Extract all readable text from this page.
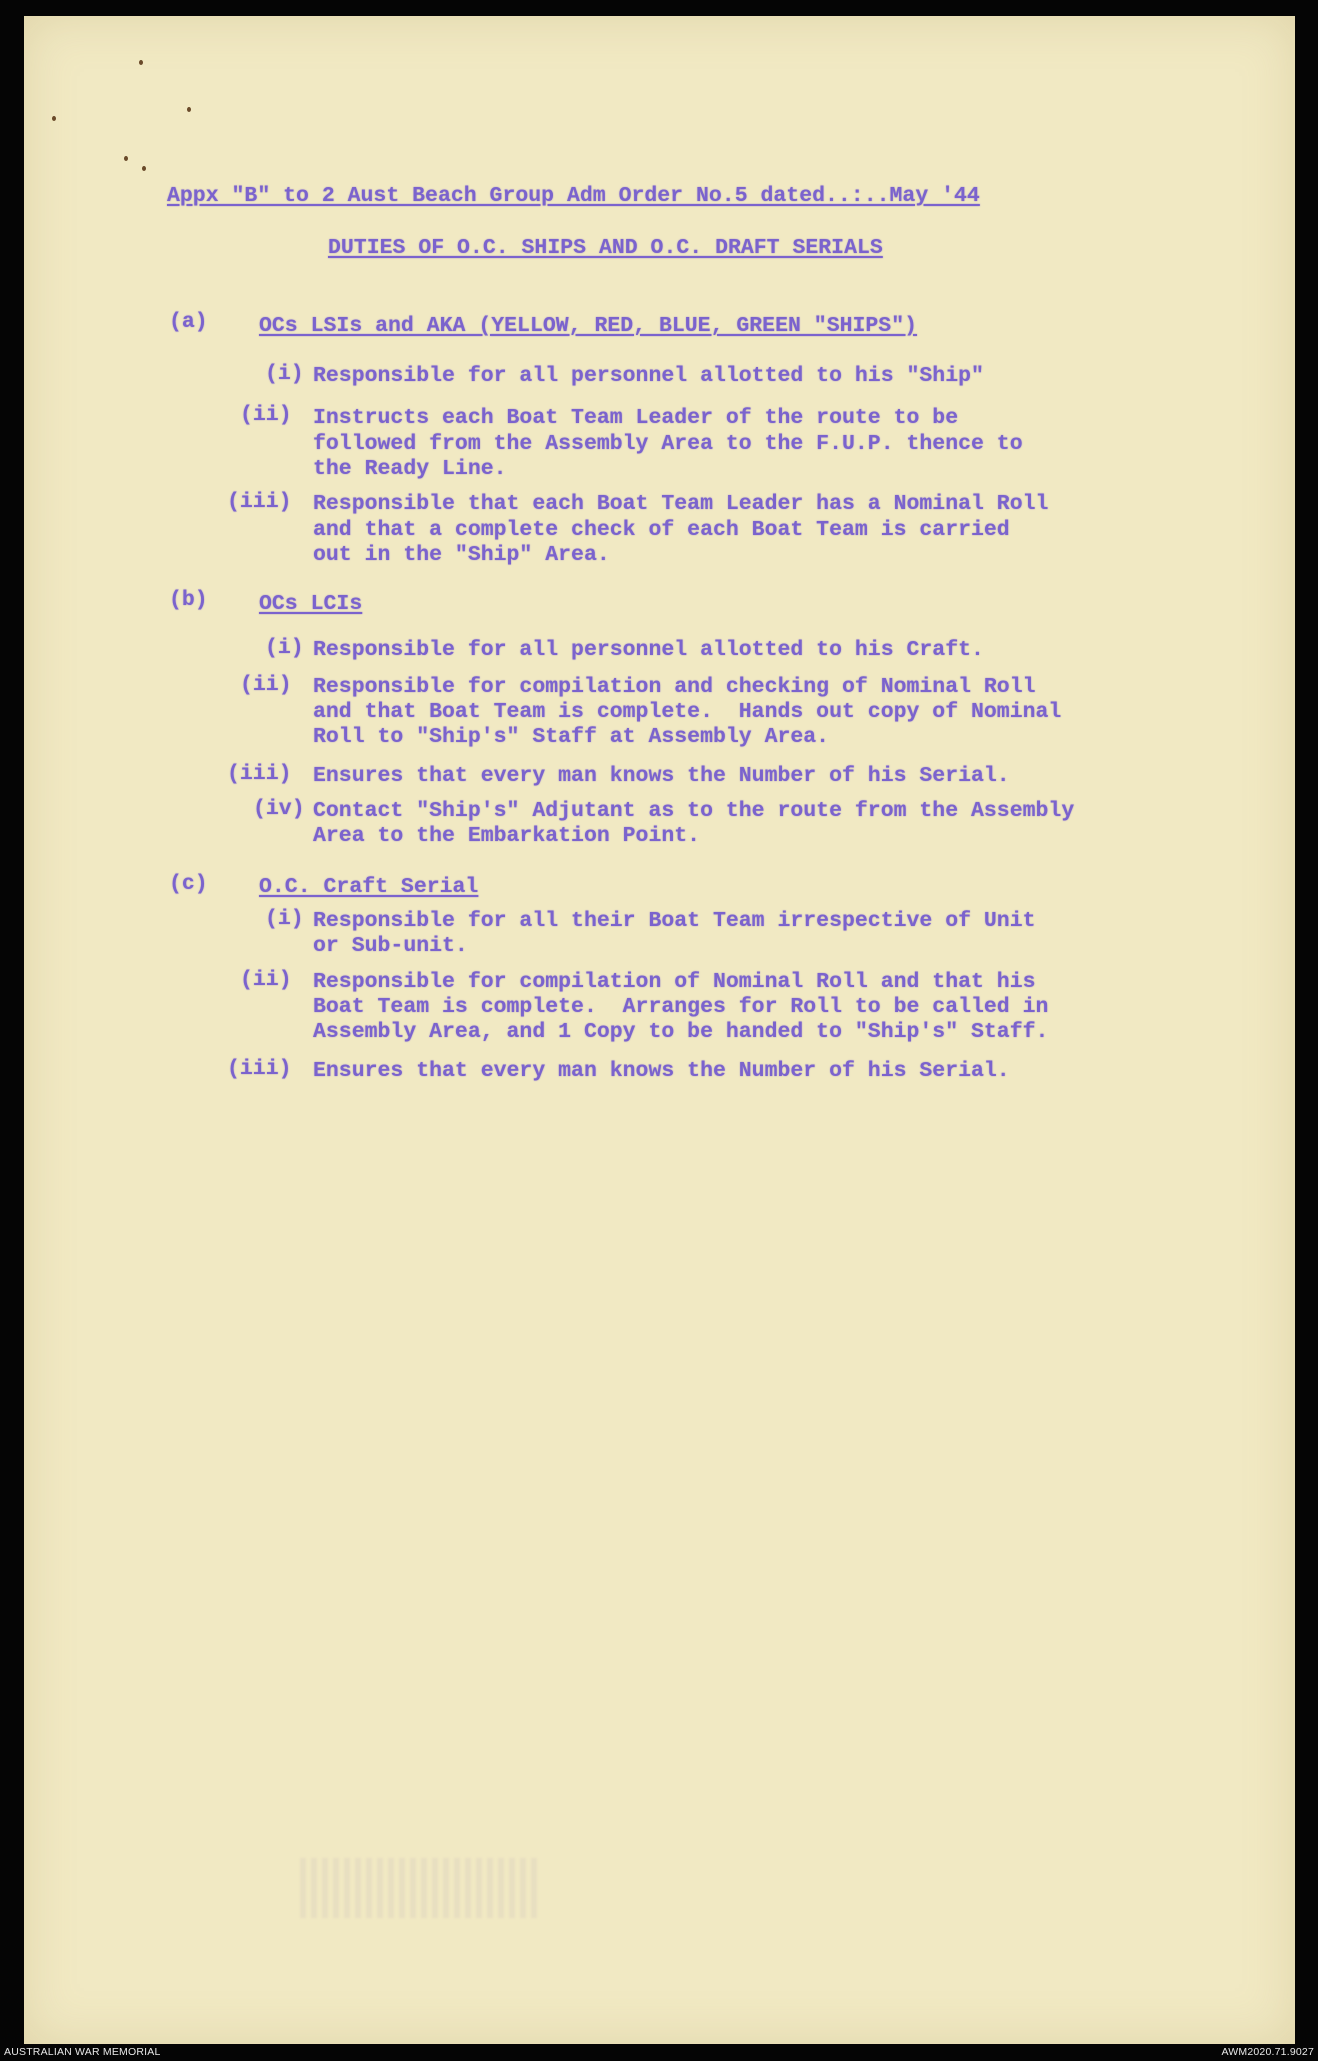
Appx "B" to 2 Aust Beach Group Adm Order No.5 dated..:..May '44
DUTIES OF O.C. SHIPS AND O.C. DRAFT SERIALS
(a) OCs LSIs and AKA (YELLOW, RED, BLUE, GREEN "SHIPS")
(i) Responsible for all personnel allotted to his "Ship"
(ii) Instructs each Boat Team Leader of the route to be
followed from the Assembly Area to the F.U.P. thence to
the Ready Line.
(iii) Responsible that each Boat Team Leader has a Nominal Roll
and that a complete check of each Boat Team is carried
out in the "Ship" Area.
(b) OCs LCIs
(i) Responsible for all personnel allotted to his Craft.
(ii) Responsible for compilation and checking of Nominal Roll
and that Boat Team is complete.  Hands out copy of Nominal
Roll to "Ship's" Staff at Assembly Area.
(iii) Ensures that every man knows the Number of his Serial.
(iv) Contact "Ship's" Adjutant as to the route from the Assembly
Area to the Embarkation Point.
(c) O.C. Craft Serial
(i) Responsible for all their Boat Team irrespective of Unit
or Sub-unit.
(ii) Responsible for compilation of Nominal Roll and that his
Boat Team is complete.  Arranges for Roll to be called in
Assembly Area, and 1 Copy to be handed to "Ship's" Staff.
(iii) Ensures that every man knows the Number of his Serial.
AUSTRALIAN WAR MEMORIAL	AWM2020.71.9027
